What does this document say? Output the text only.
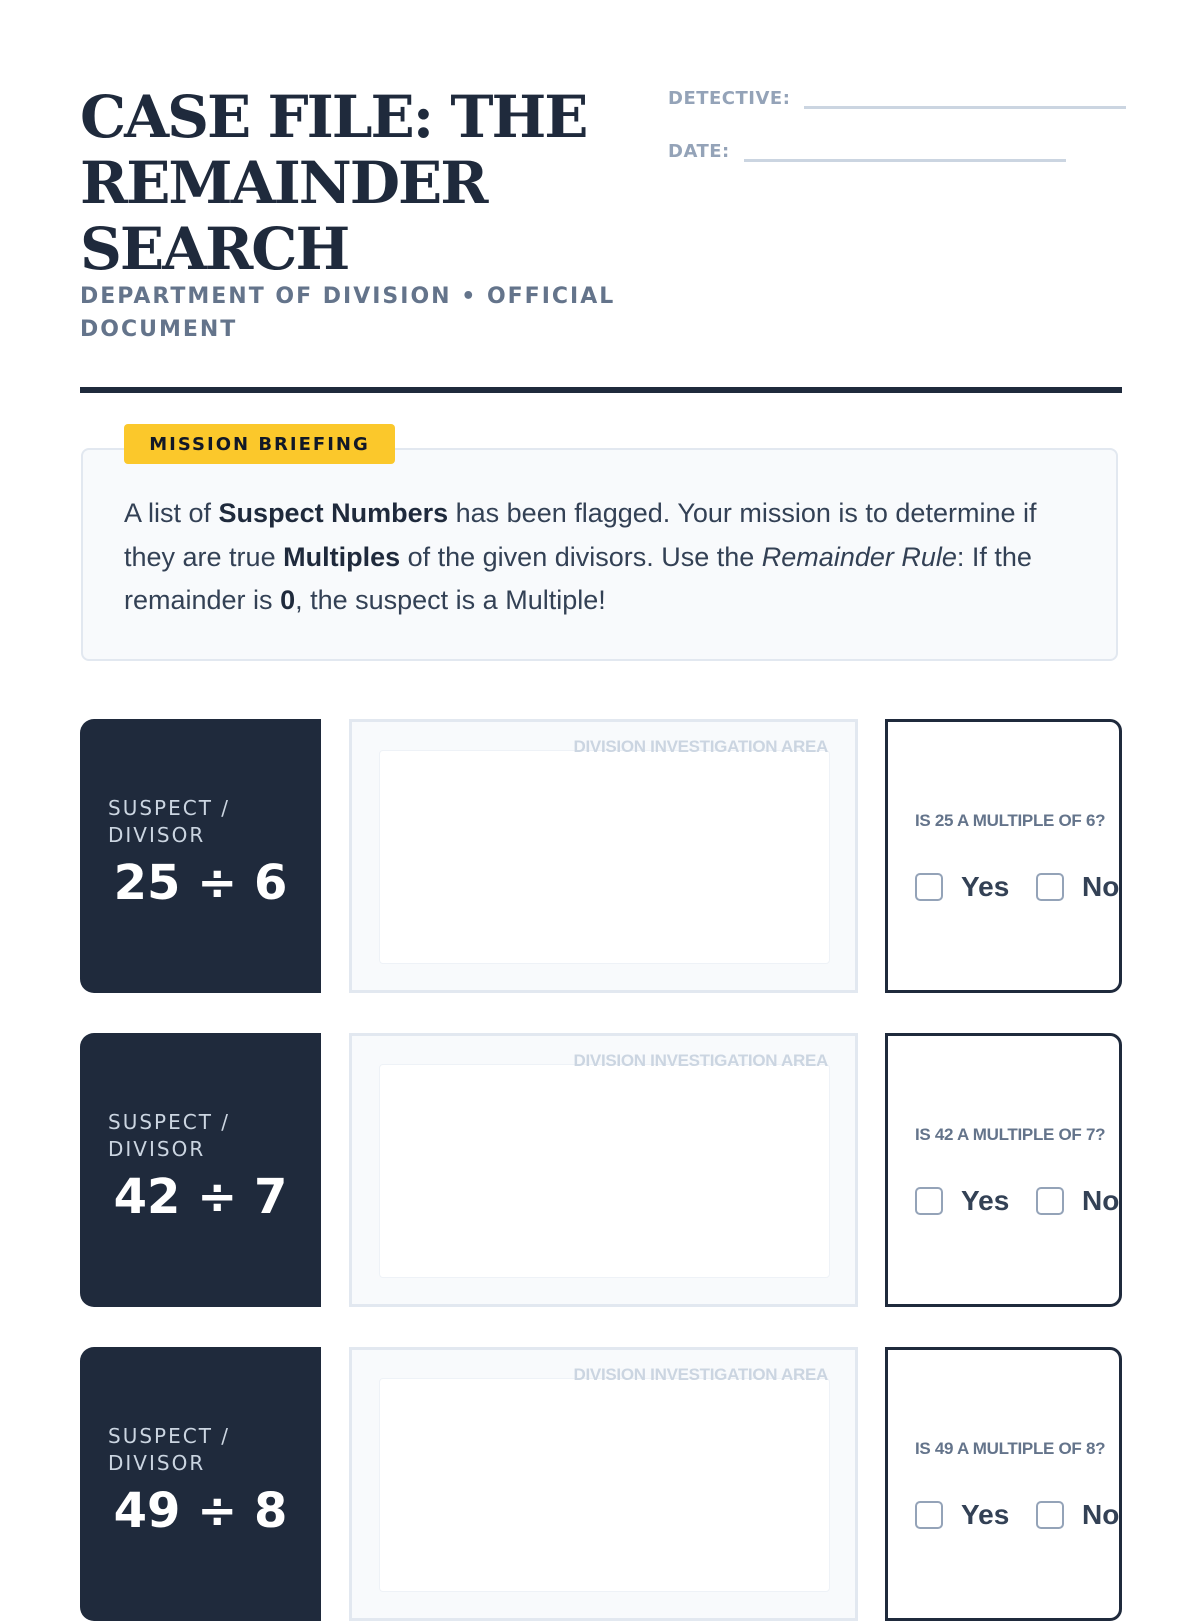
CASE FILE: THE REMAINDER SEARCH
DEPARTMENT OF DIVISION • OFFICIAL DOCUMENT
DETECTIVE:
DATE:
MISSION BRIEFING
A list of Suspect Numbers has been flagged. Your mission is to determine if they are true Multiples of the given divisors. Use the Remainder Rule: If the remainder is 0, the suspect is a Multiple!
SUSPECT / DIVISOR
25 ÷ 6
DIVISION INVESTIGATION AREA
IS 25 A MULTIPLE OF 6?
Yes	No
SUSPECT / DIVISOR
42 ÷ 7
DIVISION INVESTIGATION AREA
IS 42 A MULTIPLE OF 7?
Yes	No
SUSPECT / DIVISOR
49 ÷ 8
DIVISION INVESTIGATION AREA
IS 49 A MULTIPLE OF 8?
Yes	No
